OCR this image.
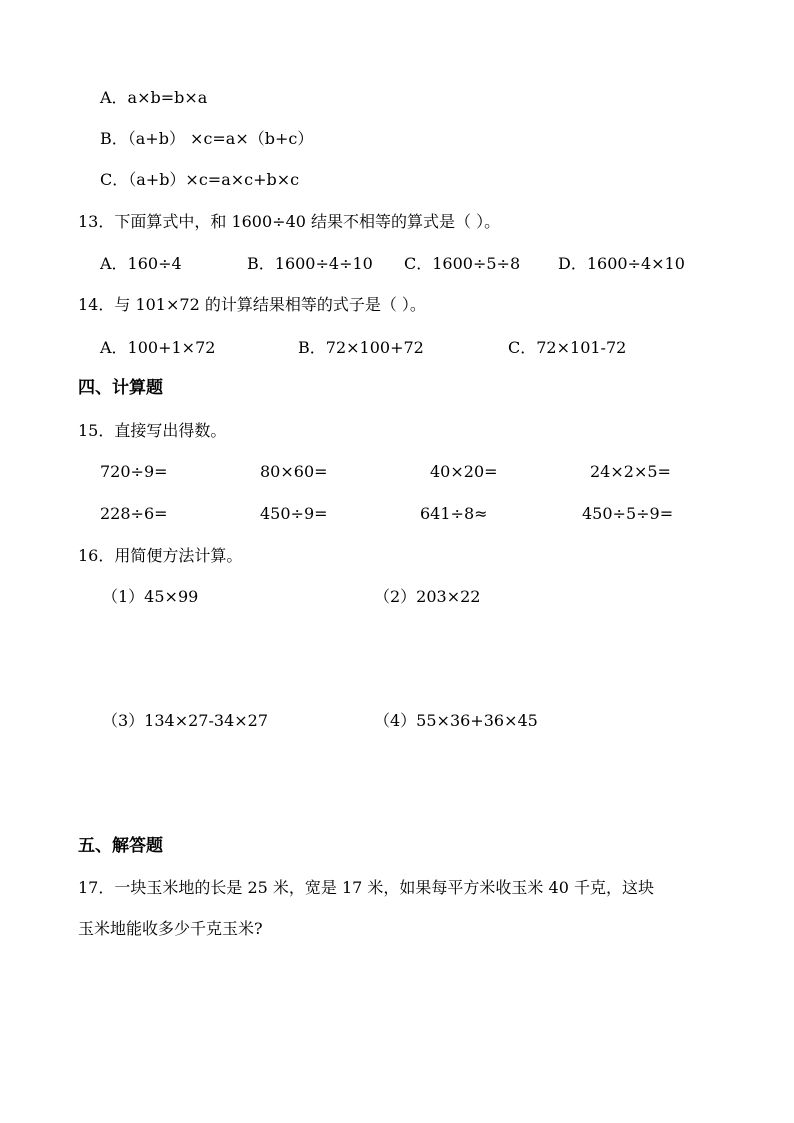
A．a×b=b×a
B．（a+b） ×c=a×（b+c）
C．（a+b）×c=a×c+b×c
13．下面算式中，和 1600÷40 结果不相等的算式是（ ）。
A．160÷4	B．1600÷4÷10 C．1600÷5÷8 D．1600÷4×10
14．与 101×72 的计算结果相等的式子是（ ）。
A．100+1×72	B．72×100+72	C．72×101-72
四、计算题
15．直接写出得数。
720÷9=	80×60=	40×20=	24×2×5=
228÷6=	450÷9=	641÷8≈	450÷5÷9=
16．用简便方法计算。
（1）45×99	（2）203×22
（3）134×27-34×27	（4）55×36+36×45
五、解答题
17．一块玉米地的长是 25 米，宽是 17 米，如果每平方米收玉米 40 千克，这块
玉米地能收多少千克玉米?
